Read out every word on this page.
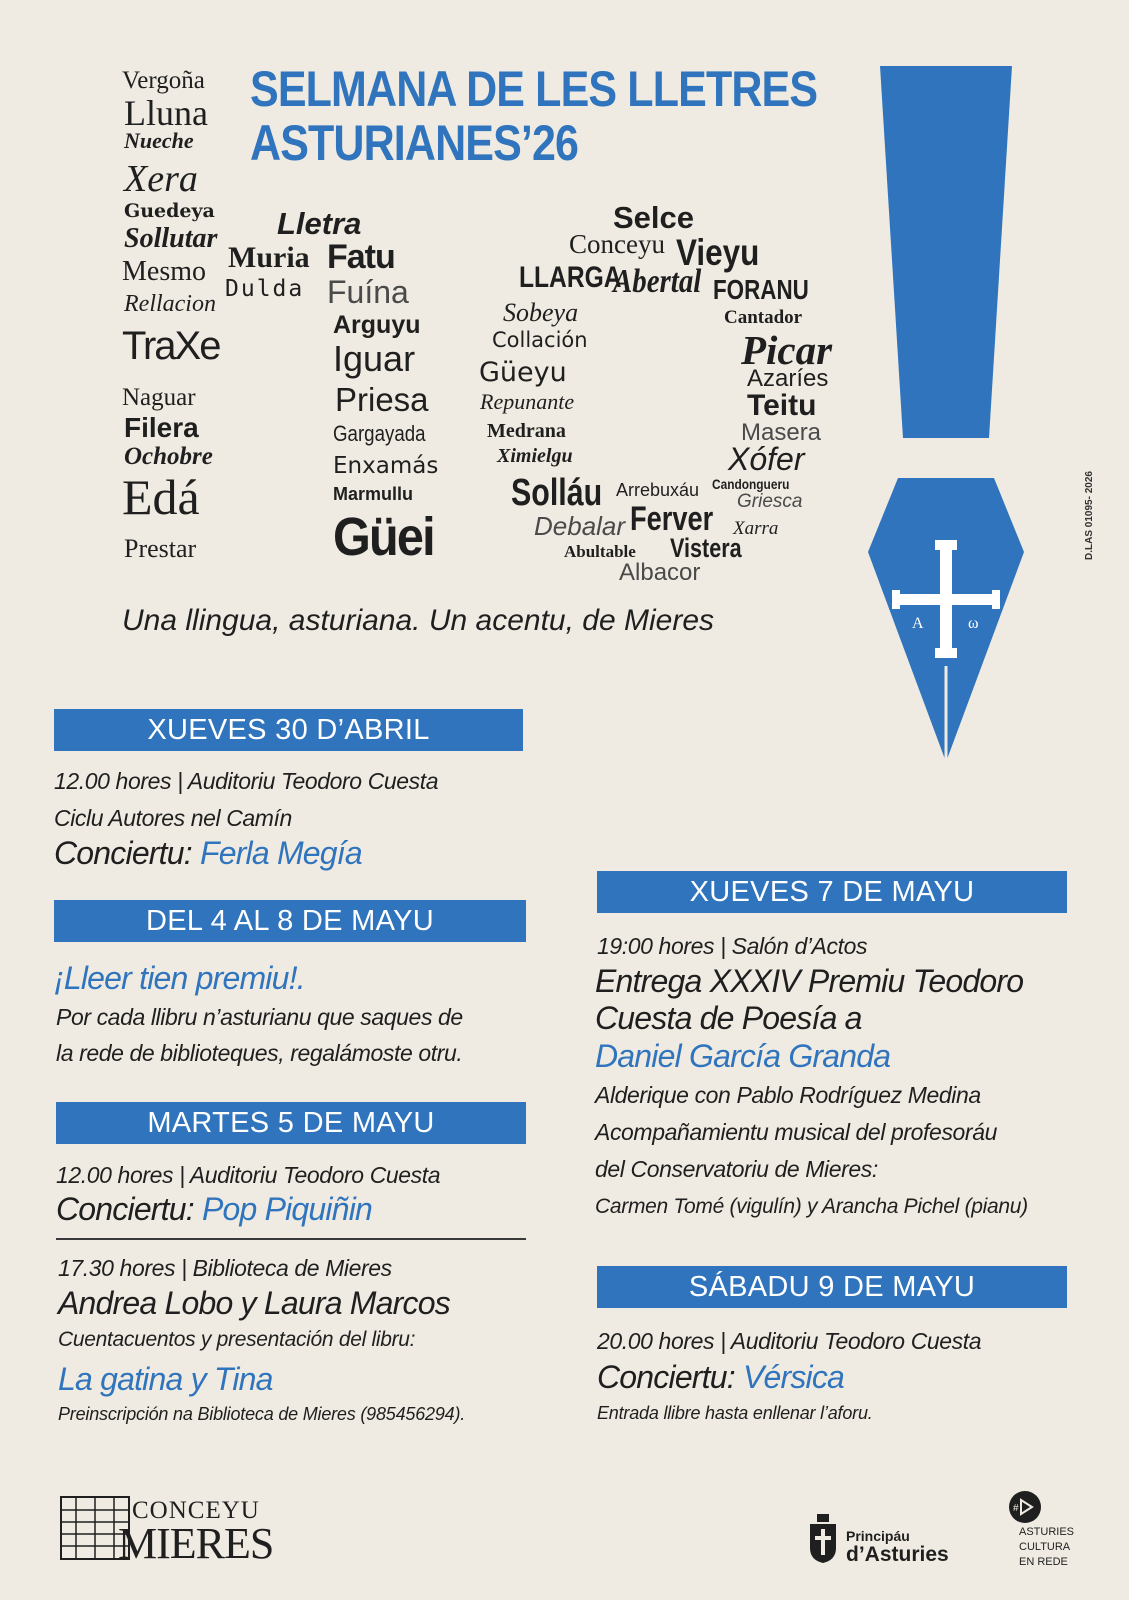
SELMANA DE LES LLETRES
ASTURIANES’26
Vergoña
Lluna
Nueche
Xera
Guedeya
Sollutar
Mesmo
Rellacion
TraXe
Naguar
Filera
Ochobre
Edá
Prestar
Lletra
Muria Fatu
Dulda Fuína
Arguyu
Iguar
Priesa
Gargayada
Enxamás
Marmullu
Güei
Selce
Conceyu Vieyu
LLARGA
Abertal FORANU
Sobeya	Cantador
Collación	Picar
Güeyu	Azaríes
Repunante	Teitu
Medrana	Masera
Ximielgu	Xófer
Solláu Arrebuxáu Candongueru
Griesca
Debalar Ferver Xarra
Abultable Vistera
Albacor
A	ω
D.LAS 01095- 2026
Una llingua, asturiana. Un acentu, de Mieres
XUEVES 30 D’ABRIL
12.00 hores | Auditoriu Teodoro Cuesta
Ciclu Autores nel Camín
Conciertu: Ferla Megía
DEL 4 AL 8 DE MAYU
¡Lleer tien premiu!.
Por cada llibru n’asturianu que saques de
la rede de biblioteques, regalámoste otru.
MARTES 5 DE MAYU
12.00 hores | Auditoriu Teodoro Cuesta
Conciertu: Pop Piquiñin
17.30 hores | Biblioteca de Mieres
Andrea Lobo y Laura Marcos
Cuentacuentos y presentación del libru:
La gatina y Tina
Preinscripción na Biblioteca de Mieres (985456294).
XUEVES 7 DE MAYU
19:00 hores | Salón d’Actos
Entrega XXXIV Premiu Teodoro
Cuesta de Poesía a
Daniel García Granda
Alderique con Pablo Rodríguez Medina
Acompañamientu musical del profesoráu
del Conservatoriu de Mieres:
Carmen Tomé (vigulín) y Arancha Pichel (pianu)
SÁBADU 9 DE MAYU
20.00 hores | Auditoriu Teodoro Cuesta
Conciertu: Vérsica
Entrada llibre hasta enllenar l’aforu.
CONCEYU
MIERES	Principáu
d’Asturies
#
ASTURIES
CULTURA
EN REDE
